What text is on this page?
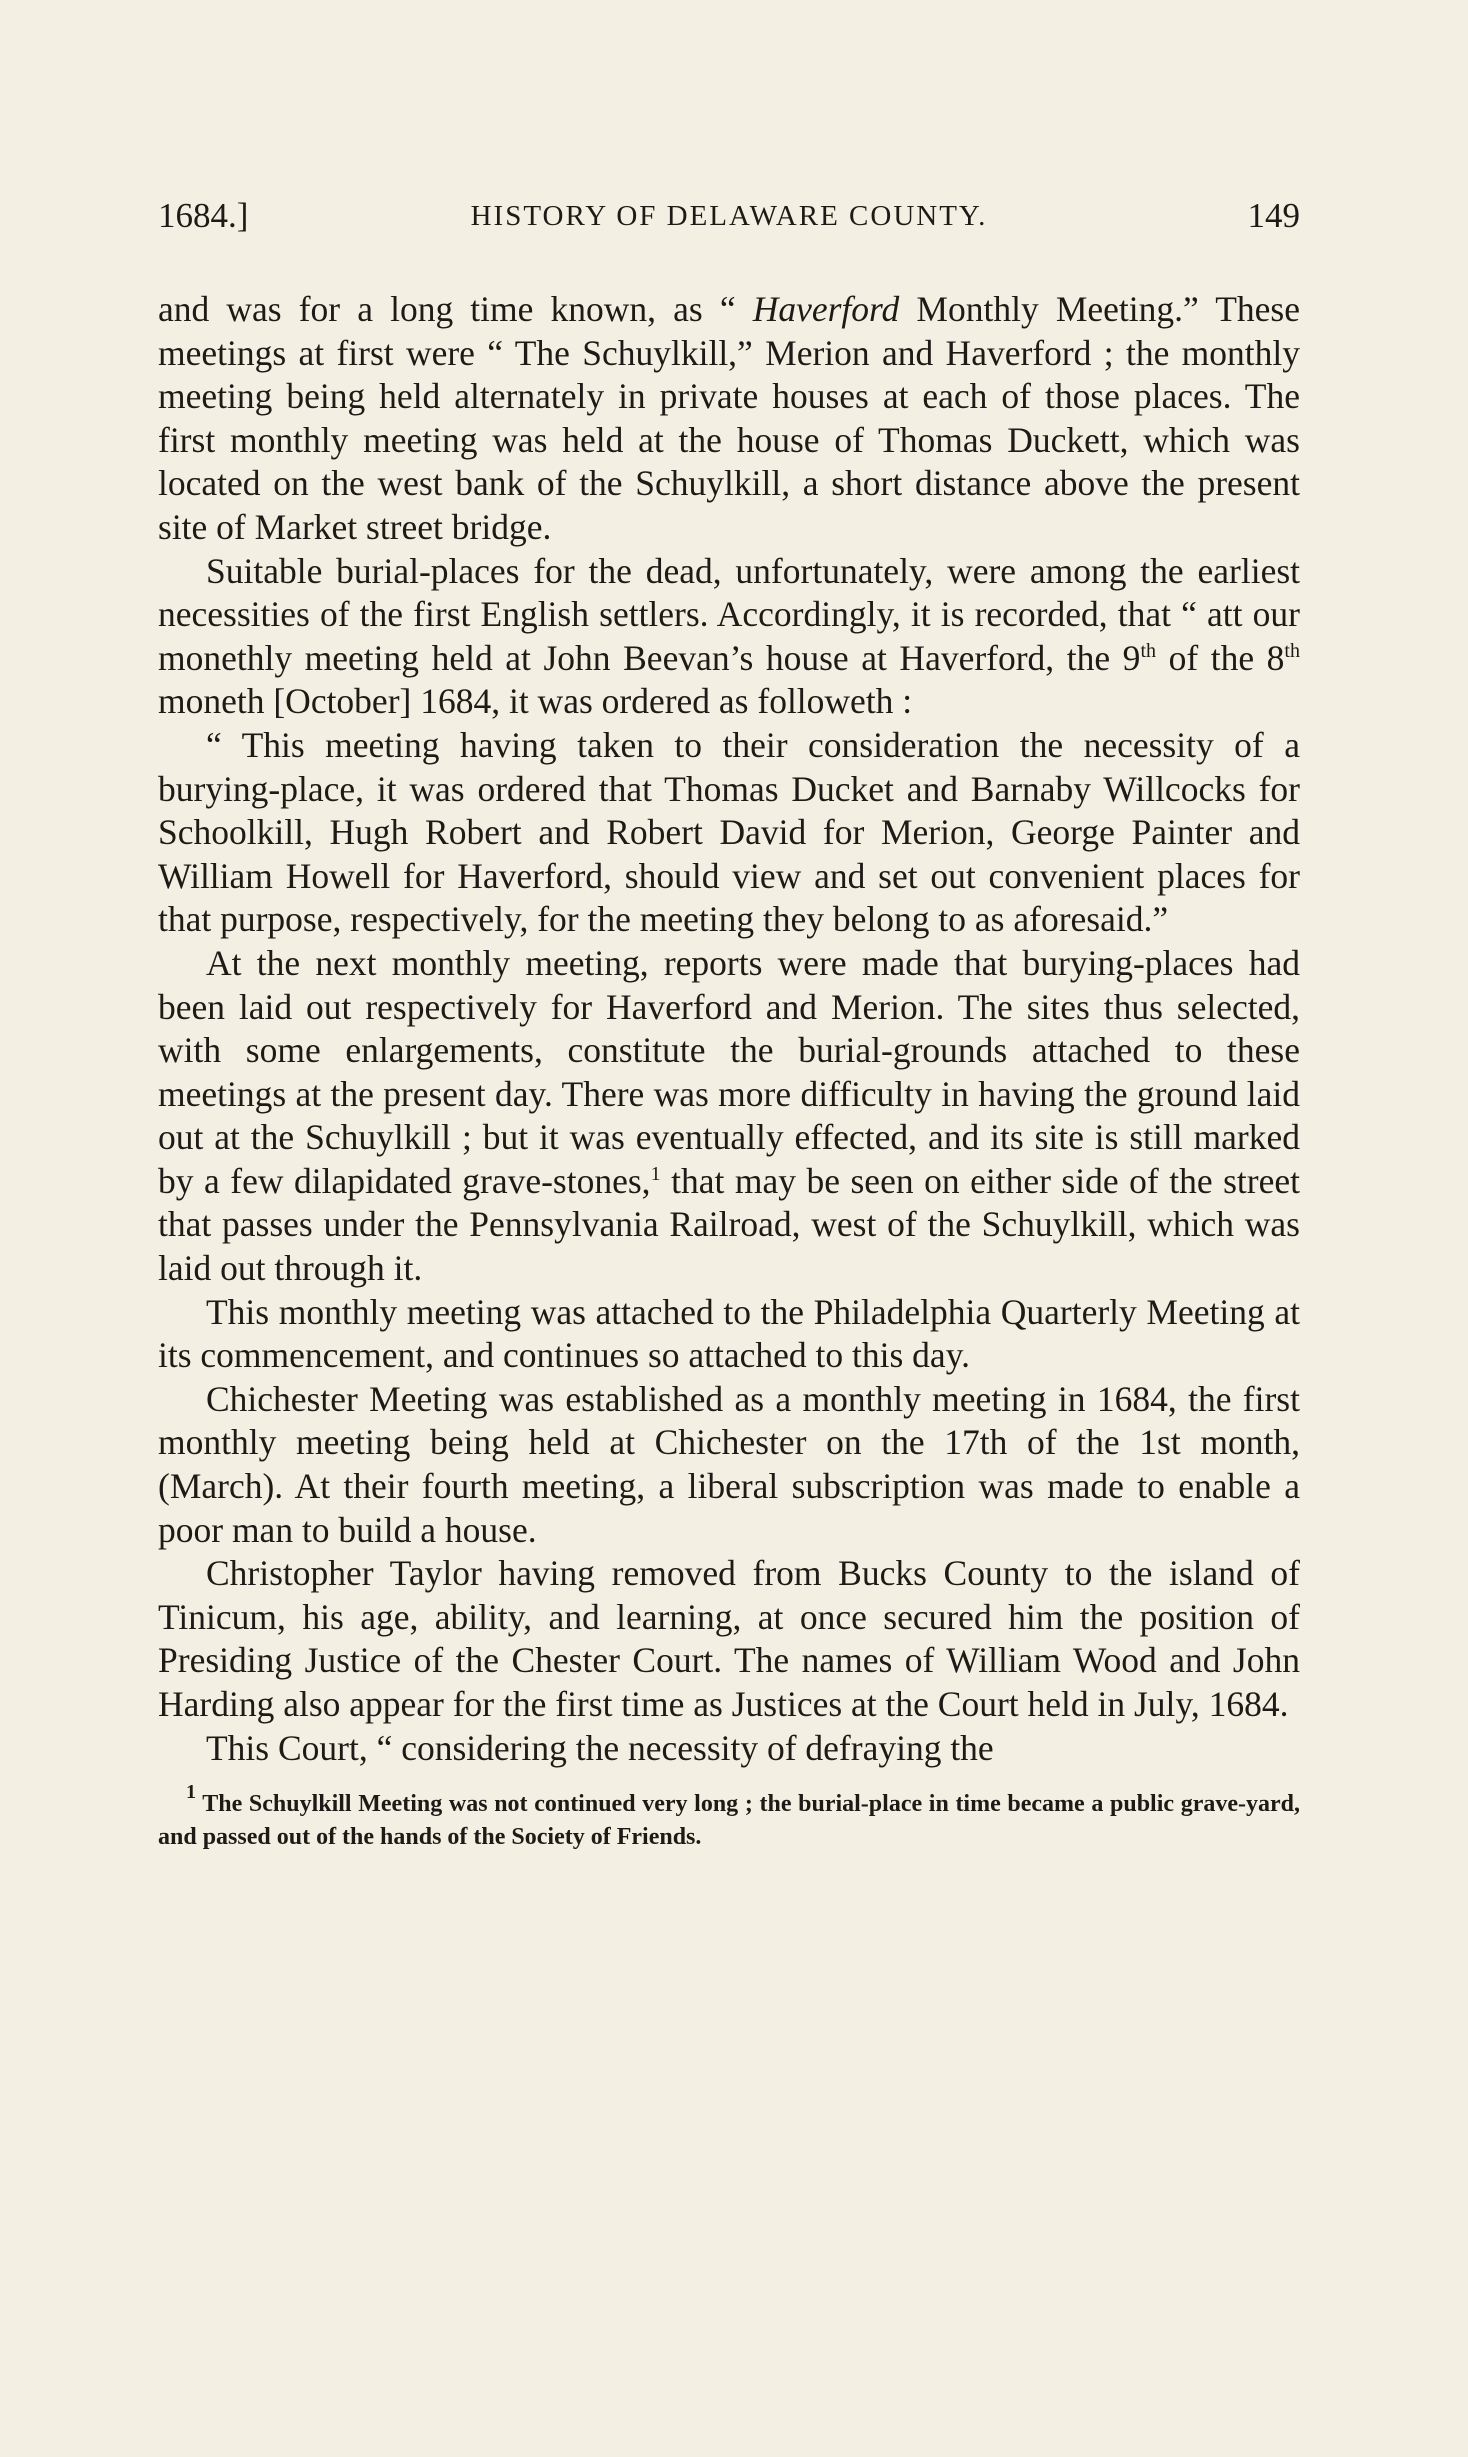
1684.]	HISTORY OF DELAWARE COUNTY.	149

and was for a long time known, as “ Haverford Monthly Meeting.” These meetings at first were “ The Schuylkill,” Merion and Haverford ; the monthly meeting being held alternately in private houses at each of those places. The first monthly meeting was held at the house of Thomas Duckett, which was located on the west bank of the Schuylkill, a short distance above the present site of Market street bridge.

Suitable burial-places for the dead, unfortunately, were among the earliest necessities of the first English settlers. Accordingly, it is recorded, that “ att our monethly meeting held at John Beevan’s house at Haverford, the 9th of the 8th moneth [October] 1684, it was ordered as followeth :

“ This meeting having taken to their consideration the necessity of a burying-place, it was ordered that Thomas Ducket and Barnaby Willcocks for Schoolkill, Hugh Robert and Robert David for Merion, George Painter and William Howell for Haverford, should view and set out convenient places for that purpose, respectively, for the meeting they belong to as aforesaid.”

At the next monthly meeting, reports were made that burying-places had been laid out respectively for Haverford and Merion. The sites thus selected, with some enlargements, constitute the burial-grounds attached to these meetings at the present day. There was more difficulty in having the ground laid out at the Schuylkill ; but it was eventually effected, and its site is still marked by a few dilapidated grave-stones,$^1$ that may be seen on either side of the street that passes under the Pennsylvania Railroad, west of the Schuylkill, which was laid out through it.

This monthly meeting was attached to the Philadelphia Quarterly Meeting at its commencement, and continues so attached to this day.

Chichester Meeting was established as a monthly meeting in 1684, the first monthly meeting being held at Chichester on the 17th of the 1st month, (March). At their fourth meeting, a liberal subscription was made to enable a poor man to build a house.

Christopher Taylor having removed from Bucks County to the island of Tinicum, his age, ability, and learning, at once secured him the position of Presiding Justice of the Chester Court. The names of William Wood and John Harding also appear for the first time as Justices at the Court held in July, 1684.

This Court, “ considering the necessity of defraying the

$^1$ The Schuylkill Meeting was not continued very long ; the burial-place in time became a public grave-yard, and passed out of the hands of the Society of Friends.
